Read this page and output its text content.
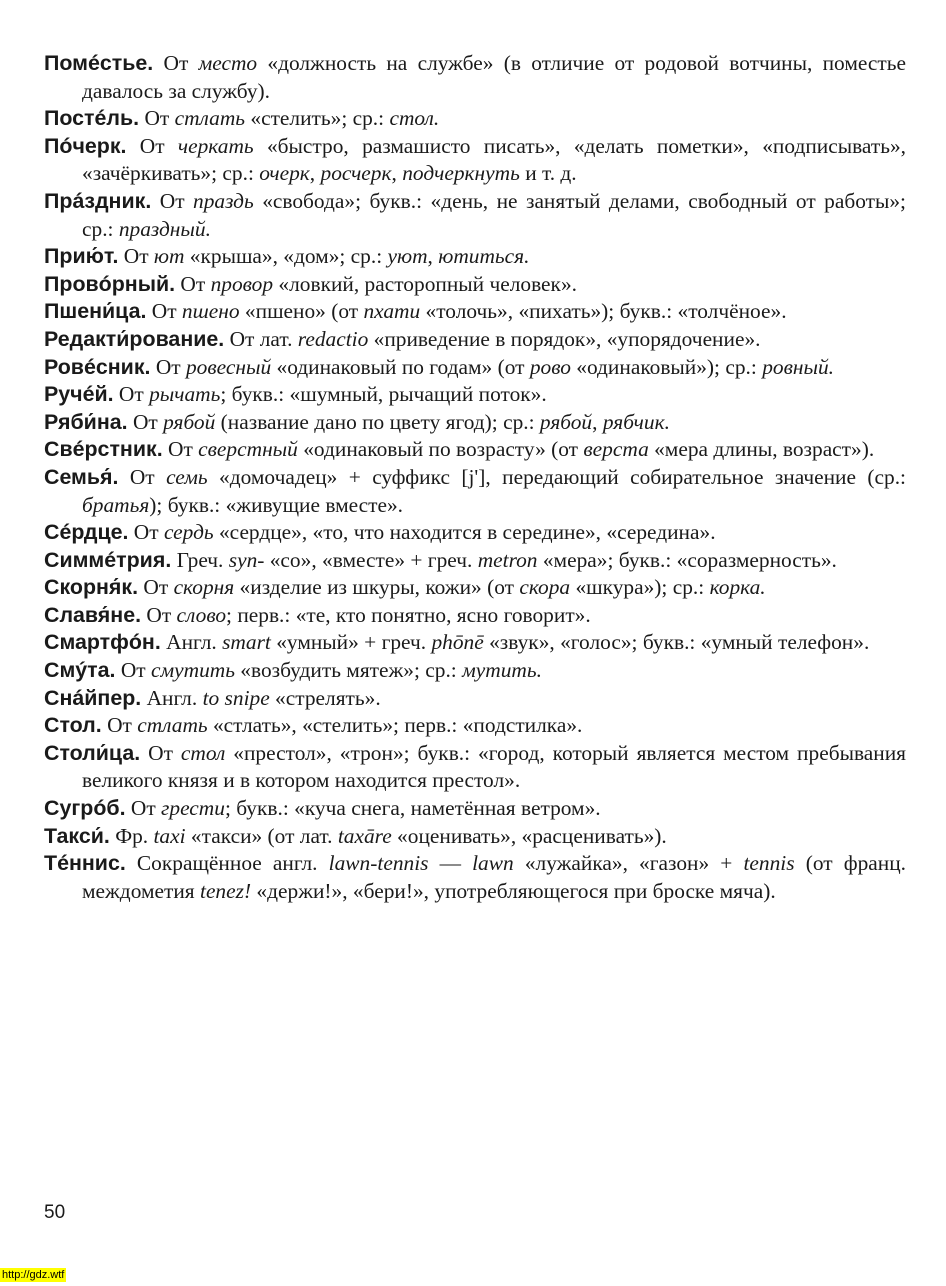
Помéстье. От место «должность на службе» (в отличие от родовой вотчины, поместье давалось за службу).

Постéль. От стлать «стелить»; ср.: стол.

Пóчерк. От черкать «быстро, размашисто писать», «делать пометки», «подписывать», «зачёркивать»; ср.: очерк, росчерк, подчеркнуть и т. д.

Прáздник. От праздь «свобода»; букв.: «день, не занятый делами, свободный от работы»; ср.: праздный.

Прию́т. От ют «крыша», «дом»; ср.: уют, ютиться.

Провóрный. От провор «ловкий, расторопный человек».

Пшени́ца. От пшено «пшено» (от пхати «толочь», «пихать»); букв.: «толчёное».

Редакти́рование. От лат. redactio «приведение в порядок», «упорядочение».

Ровéсник. От ровесный «одинаковый по годам» (от рово «одинаковый»); ср.: ровный.

Ручéй. От рычать; букв.: «шумный, рычащий поток».

Ряби́на. От рябой (название дано по цвету ягод); ср.: рябой, рябчик.

Свéрстник. От сверстный «одинаковый по возрасту» (от верста «мера длины, возраст»).

Семья́. От семь «домочадец» + суффикс [j'], передающий собирательное значение (ср.: братья); букв.: «живущие вместе».

Сéрдце. От сердь «сердце», «то, что находится в середине», «середина».

Симмéтрия. Греч. syn- «со», «вместе» + греч. metron «мера»; букв.: «соразмерность».

Скорня́к. От скорня «изделие из шкуры, кожи» (от скора «шкура»); ср.: корка.

Славя́не. От слово; перв.: «те, кто понятно, ясно говорит».

Смартфóн. Англ. smart «умный» + греч. phōnē «звук», «голос»; букв.: «умный телефон».

Смýта. От смутить «возбудить мятеж»; ср.: мутить.

Снáйпер. Англ. to snipe «стрелять».

Стол. От стлать «стлать», «стелить»; перв.: «подстилка».

Столи́ца. От стол «престол», «трон»; букв.: «город, который является местом пребывания великого князя и в котором находится престол».

Сугрóб. От грести; букв.: «куча снега, наметённая ветром».

Такси́. Фр. taxi «такси» (от лат. taxāre «оценивать», «расценивать»).

Тéннис. Сокращённое англ. lawn-tennis — lawn «лужайка», «газон» + tennis (от франц. междометия tenez! «держи!», «бери!», употребляющегося при броске мяча).

50
http://gdz.wtf
